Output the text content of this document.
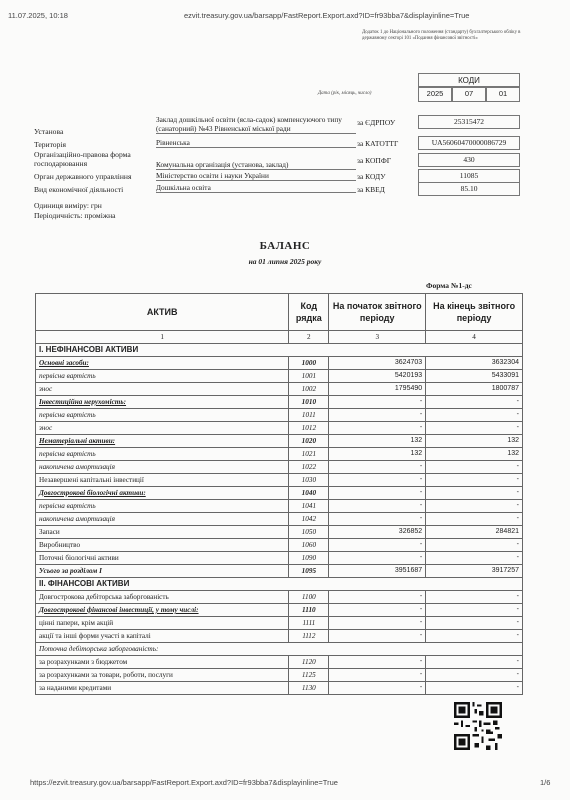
11.07.2025, 10:18	ezvit.treasury.gov.ua/barsapp/FastReport.Export.axd?ID=fr93bba7&displayinline=True
Додаток 1 до Національного положення (стандарту) бухгалтерського обліку в державному секторі 101 «Подання фінансової звітності»
КОДИ
Дата (рік, місяць, число)	2025	07	01
Установа
Заклад дошкільної освіти (ясла-садок) компенсуючого типу (санаторний) №43 Рівненської міської ради
за ЄДРПОУ	25315472
Територія	Рівненська	за КАТОТТГ	UA56060470000086729
Організаційно-правова форма господарювання	Комунальна організація (установа, заклад)	за КОПФГ	430
Орган державного управління	Міністерство освіти і науки України	за КОДУ	11085
Вид економічної діяльності	Дошкільна освіта	за КВЕД	85.10
Одиниця виміру: грн
Періодичність: проміжна
БАЛАНС
на 01 липня 2025 року
Форма №1-дс
АКТИВ	Код рядка	На початок звітного періоду	На кінець звітного періоду
1	2	3	4
I. НЕФІНАНСОВІ АКТИВИ			
Основні засоби:	1000	3624703	3632304
первісна вартість	1001	5420193	5433091
знос	1002	1795490	1800787
Інвестиційна нерухомість:	1010	-	-
первісна вартість	1011	-	-
знос	1012	-	-
Нематеріальні активи:	1020	132	132
первісна вартість	1021	132	132
накопичена амортизація	1022	-	-
Незавершені капітальні інвестиції	1030	-	-
Довгострокові біологічні активи:	1040	-	-
первісна вартість	1041	-	-
накопичена амортизація	1042	-	-
Запаси	1050	326852	284821
Виробництво	1060	-	-
Поточні біологічні активи	1090	-	-
Усього за розділом I	1095	3951687	3917257
II. ФІНАНСОВІ АКТИВИ			
Довгострокова дебіторська заборгованість	1100	-	-
Довгострокові фінансові інвестиції, у тому числі:	1110	-	-
цінні папери, крім акцій	1111	-	-
акції та інші форми участі в капіталі	1112	-	-
Поточна дебіторська заборгованість:			
за розрахунками з бюджетом	1120	-	-
за розрахунками за товари, роботи, послуги	1125	-	-
за наданими кредитами	1130	-	-
https://ezvit.treasury.gov.ua/barsapp/FastReport.Export.axd?ID=fr93bba7&displayinline=True	1/6
